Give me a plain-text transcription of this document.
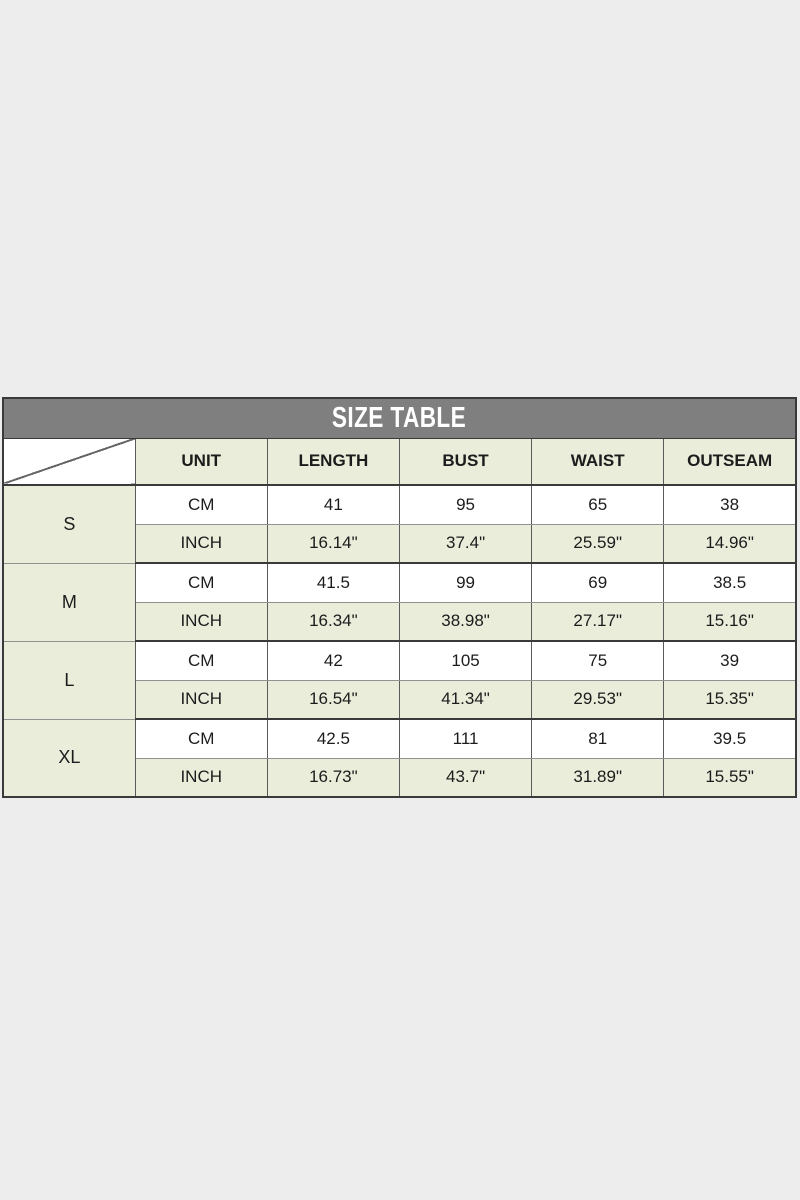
SIZE TABLE					
	UNIT	LENGTH	BUST	WAIST	OUTSEAM
S	CM	41	95	65	38
	INCH	16.14"	37.4"	25.59"	14.96"
M	CM	41.5	99	69	38.5
	INCH	16.34"	38.98"	27.17"	15.16"
L	CM	42	105	75	39
	INCH	16.54"	41.34"	29.53"	15.35"
XL	CM	42.5	111	81	39.5
	INCH	16.73"	43.7"	31.89"	15.55"
